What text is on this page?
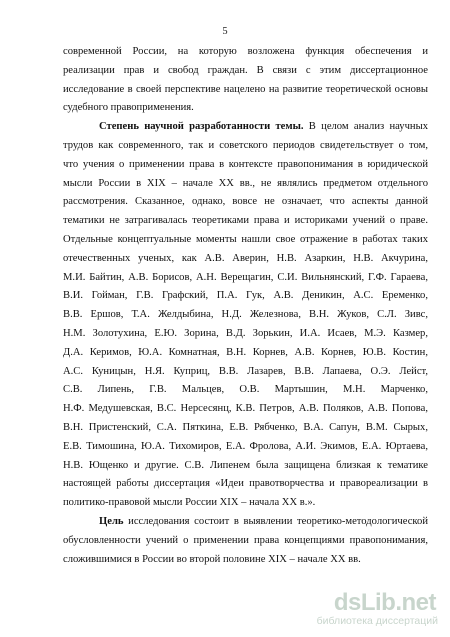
5

современной России, на которую возложена функция обеспечения и

реализации прав и свобод граждан. В связи с этим диссертационное

исследование в своей перспективе нацелено на развитие теоретической основы

судебного правоприменения.

Степень научной разработанности темы. В целом анализ научных

трудов как современного, так и советского периодов свидетельствует о том,

что учения о применении права в контексте правопонимания в юридической

мысли России в XIX – начале XX вв., не являлись предметом отдельного

рассмотрения. Сказанное, однако, вовсе не означает, что аспекты данной

тематики не затрагивалась теоретиками права и историками учений о праве.

Отдельные концептуальные моменты нашли свое отражение в работах таких

отечественных ученых, как А.В. Аверин, Н.В. Азаркин, Н.В. Акчурина,

М.И. Байтин, А.В. Борисов, А.Н. Верещагин, С.И. Вильнянский, Г.Ф. Гараева,

В.И. Гойман, Г.В. Графский, П.А. Гук, А.В. Деникин, А.С. Еременко,

В.В. Ершов, Т.А. Желдыбина, Н.Д. Железнова, В.Н. Жуков, С.Л. Зивс,

Н.М. Золотухина, Е.Ю. Зорина, В.Д. Зорькин, И.А. Исаев, М.Э. Казмер,

Д.А. Керимов, Ю.А. Комнатная, В.Н. Корнев, А.В. Корнев, Ю.В. Костин,

А.С. Куницын, Н.Я. Куприц, В.В. Лазарев, В.В. Лапаева, О.Э. Лейст,

С.В. Липень, Г.В. Мальцев, О.В. Мартышин, М.Н. Марченко,

Н.Ф. Медушевская, В.С. Нерсесянц, К.В. Петров, А.В. Поляков, А.В. Попова,

В.Н. Пристенский, С.А. Пяткина, Е.В. Рябченко, В.А. Сапун, В.М. Сырых,

Е.В. Тимошина, Ю.А. Тихомиров, Е.А. Фролова, А.И. Экимов, Е.А. Юртаева,

Н.В. Ющенко и другие. С.В. Липенем была защищена близкая к тематике

настоящей работы диссертация «Идеи правотворчества и правореализации в

политико-правовой мысли России XIX – начала XX в.».

Цель исследования состоит в выявлении теоретико-методологической

обусловленности учений о применении права концепциями правопонимания,

сложившимися в России во второй половине XIX – начале XX вв.

dsLib.net
библиотека диссертаций
